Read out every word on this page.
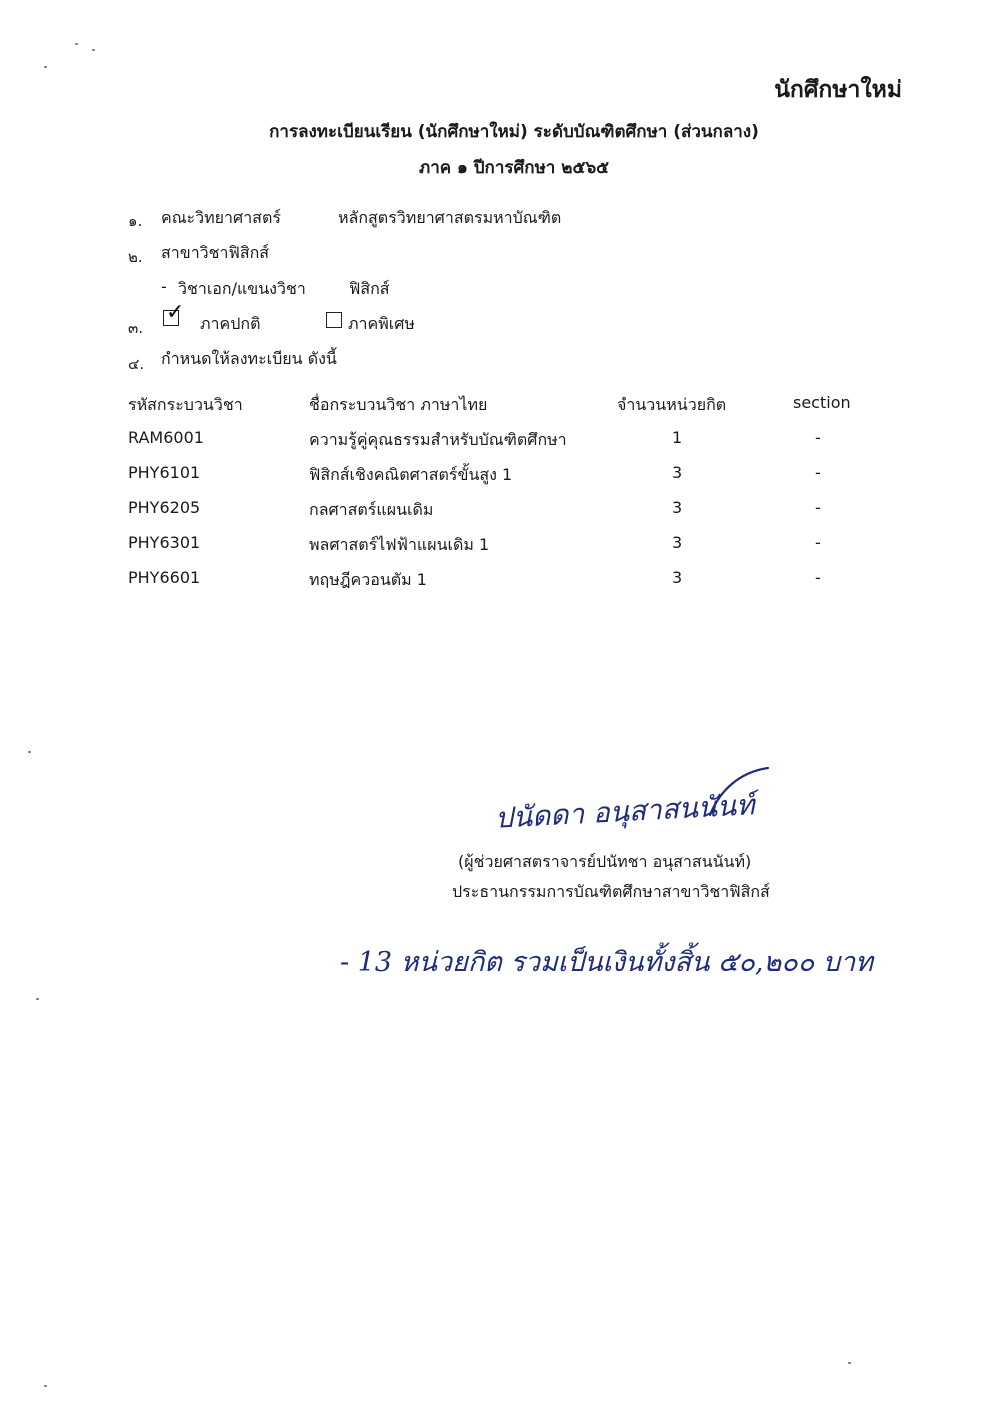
นักศึกษาใหม่
การลงทะเบียนเรียน (นักศึกษาใหม่) ระดับบัณฑิตศึกษา (ส่วนกลาง)
ภาค ๑ ปีการศึกษา ๒๕๖๕
๑. คณะวิทยาศาสตร์	หลักสูตรวิทยาศาสตรมหาบัณฑิต
๒. สาขาวิชาฟิสิกส์
- วิชาเอก/แขนงวิชา	ฟิสิกส์
๓.
✓ ภาคปกติ	ภาคพิเศษ
๔. กำหนดให้ลงทะเบียน ดังนี้
รหัสกระบวนวิชา	ชื่อกระบวนวิชา ภาษาไทย	จำนวนหน่วยกิต	section
RAM6001	ความรู้คู่คุณธรรมสำหรับบัณฑิตศึกษา	1	-
PHY6101	ฟิสิกส์เชิงคณิตศาสตร์ขั้นสูง 1	3	-
PHY6205	กลศาสตร์แผนเดิม	3	-
PHY6301	พลศาสตร์ไฟฟ้าแผนเดิม 1	3	-
PHY6601	ทฤษฎีควอนตัม 1	3	-
ปนัดดา อนุสาสนนันท์
(ผู้ช่วยศาสตราจารย์ปนัทชา อนุสาสนนันท์)
ประธานกรรมการบัณฑิตศึกษาสาขาวิชาฟิสิกส์
- 13 หน่วยกิต รวมเป็นเงินทั้งสิ้น ๕๐,๒๐๐ บาท
